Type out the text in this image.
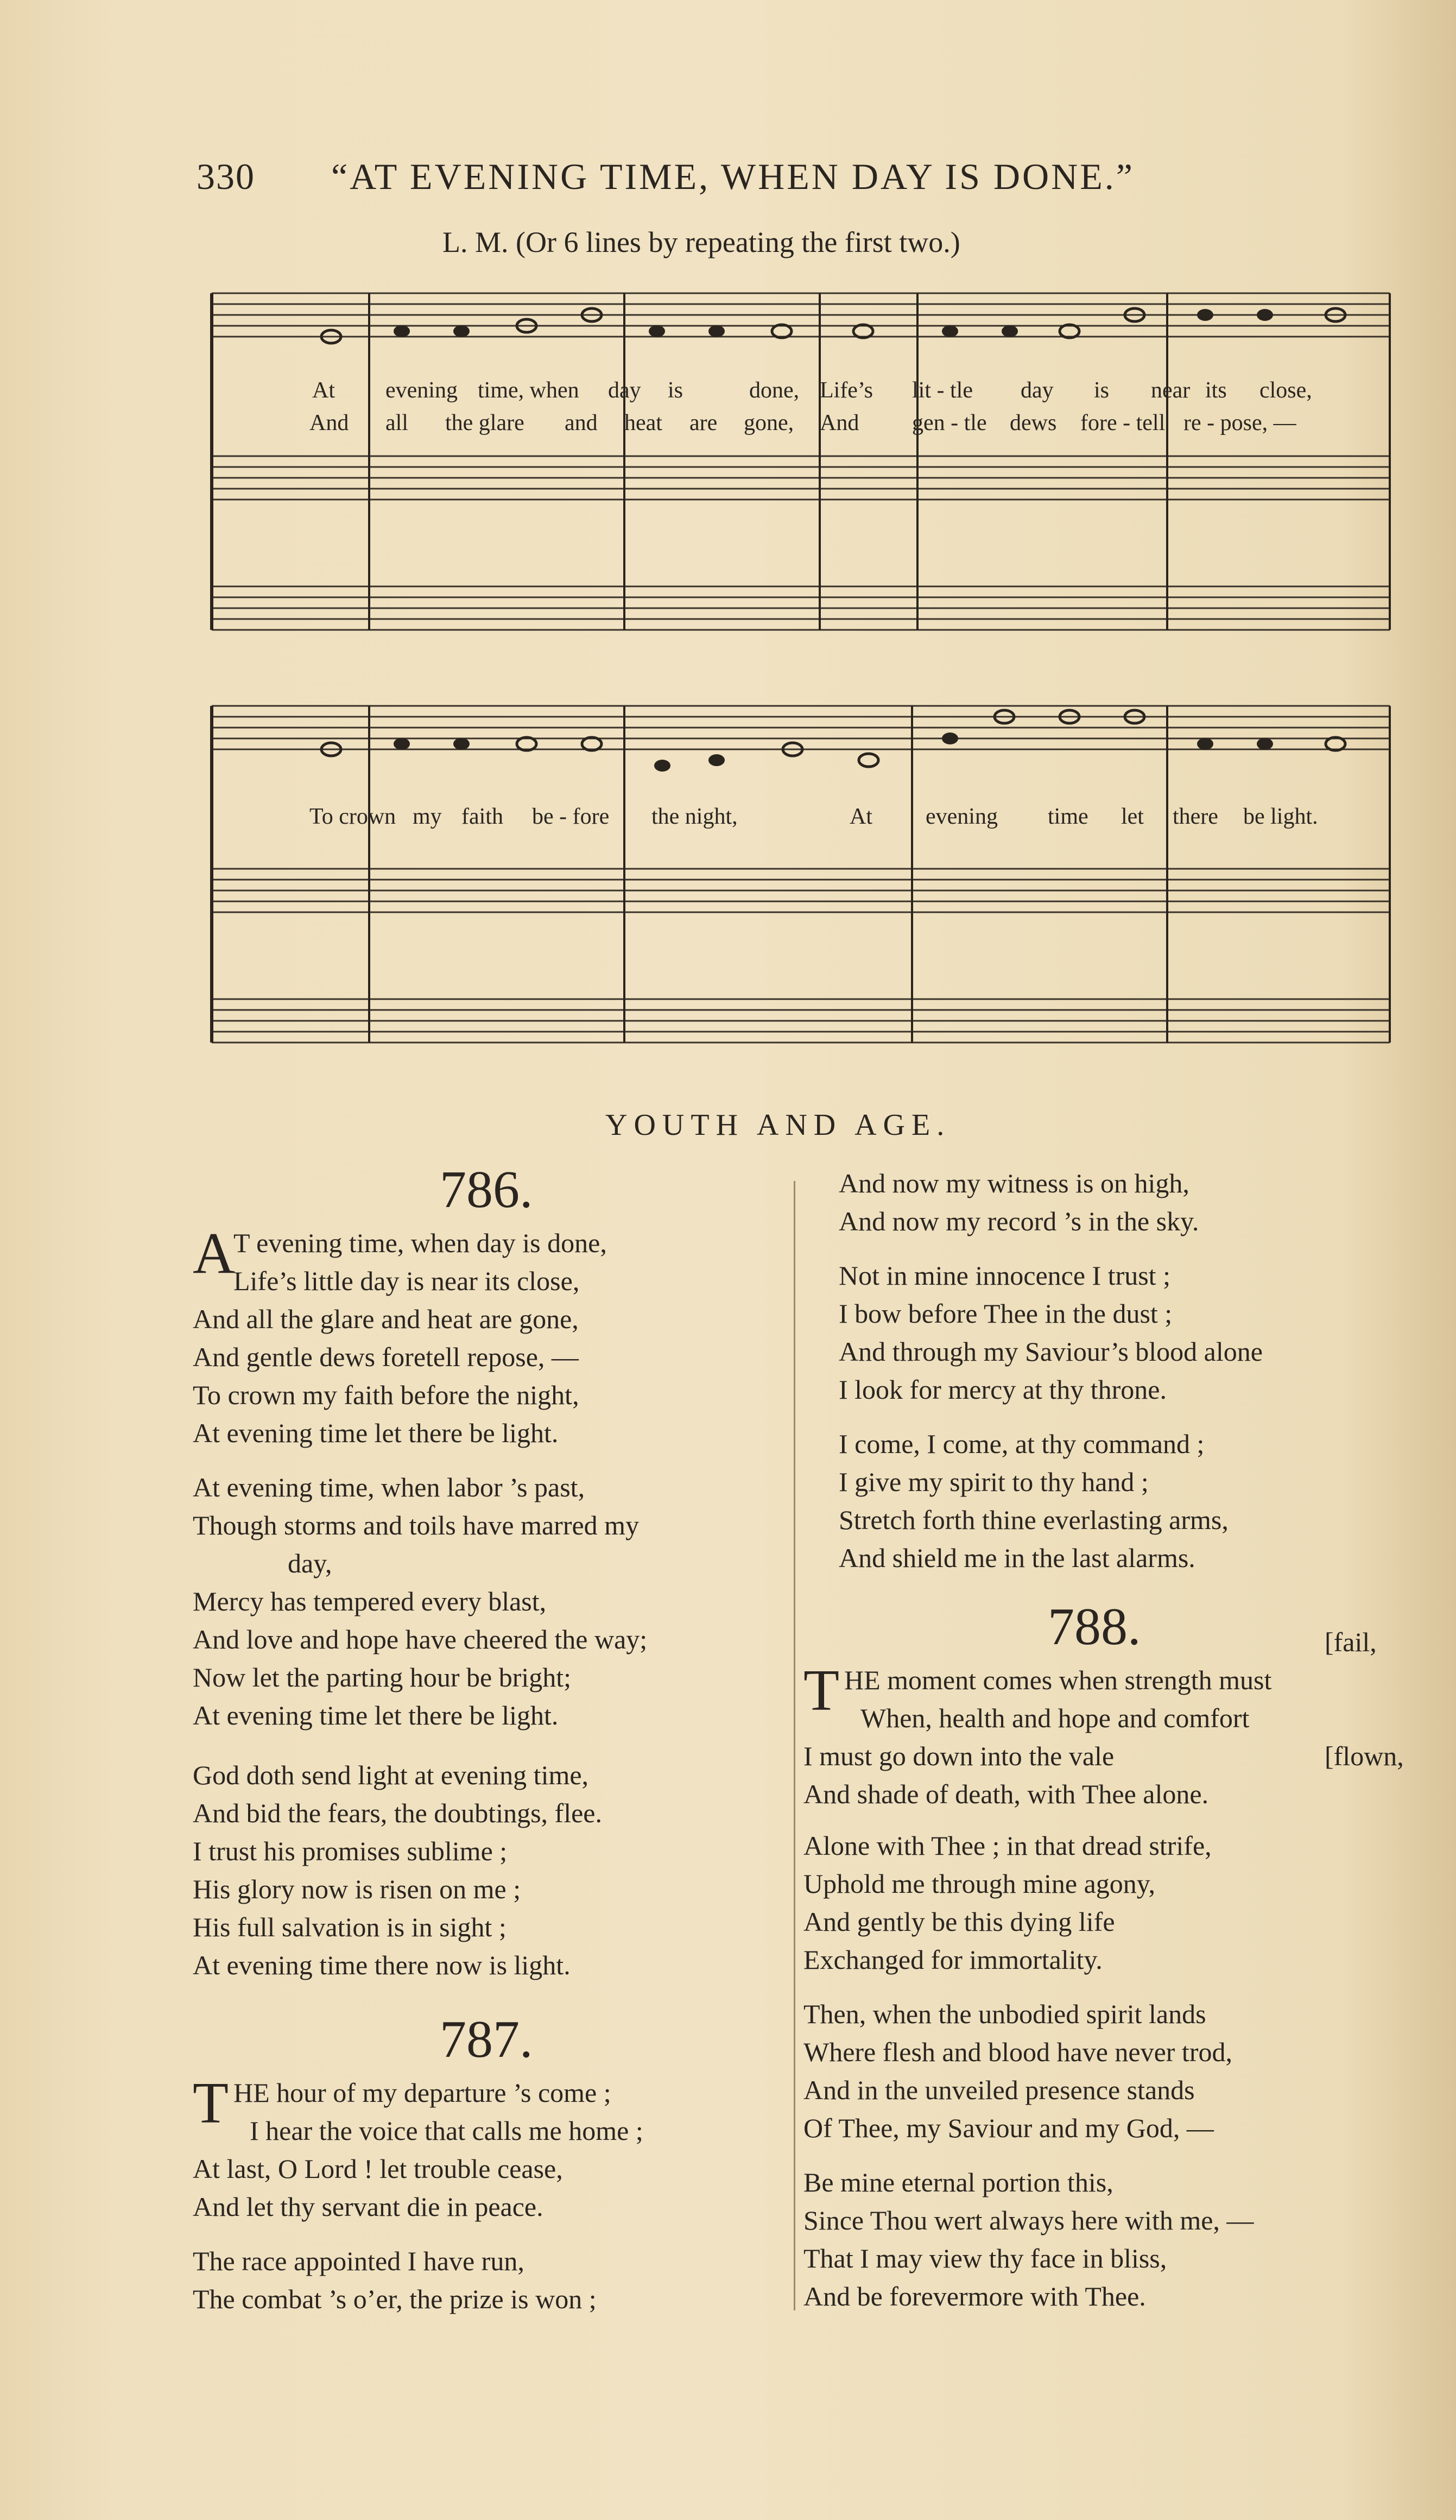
330 “AT EVENING TIME, WHEN DAY IS DONE.”
L. M. (Or 6 lines by repeating the first two.)
At evening time, when day is	done, Life’s lit - tle day is near its close,
And all the glare and heat are gone, And gen - tle dews fore - tell re - pose, —
To crown my faith be - fore the night,	At evening time let there be light.
YOUTH AND AGE.
786.
A
T evening time, when day is done,
Life’s little day is near its close,
And all the glare and heat are gone,
And gentle dews foretell repose, —
To crown my faith before the night,
At evening time let there be light.
At evening time, when labor ’s past,
Though storms and toils have marred my
day,
Mercy has tempered every blast,
And love and hope have cheered the way;
Now let the parting hour be bright;
At evening time let there be light.
God doth send light at evening time,
And bid the fears, the doubtings, flee.
I trust his promises sublime ;
His glory now is risen on me ;
His full salvation is in sight ;
At evening time there now is light.
787.
T HE hour of my departure ’s come ;
I hear the voice that calls me home ;
At last, O Lord ! let trouble cease,
And let thy servant die in peace.
The race appointed I have run,
The combat ’s o’er, the prize is won ;
And now my witness is on high,
And now my record ’s in the sky.
Not in mine innocence I trust ;
I bow before Thee in the dust ;
And through my Saviour’s blood alone
I look for mercy at thy throne.
I come, I come, at thy command ;
I give my spirit to thy hand ;
Stretch forth thine everlasting arms,
And shield me in the last alarms.
788.	[fail,
T HE moment comes when strength must
When, health and hope and comfort
I must go down into the vale	[flown,
And shade of death, with Thee alone.
Alone with Thee ; in that dread strife,
Uphold me through mine agony,
And gently be this dying life
Exchanged for immortality.
Then, when the unbodied spirit lands
Where flesh and blood have never trod,
And in the unveiled presence stands
Of Thee, my Saviour and my God, —
Be mine eternal portion this,
Since Thou wert always here with me, —
That I may view thy face in bliss,
And be forevermore with Thee.
